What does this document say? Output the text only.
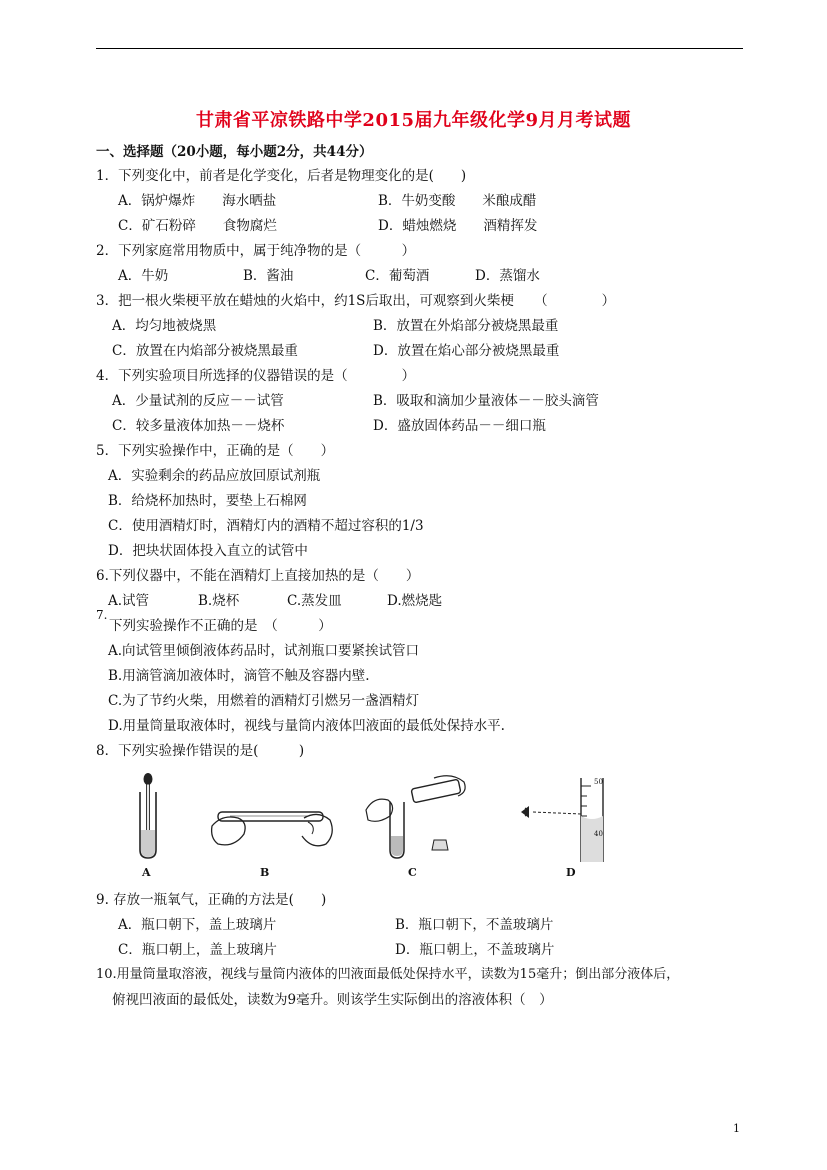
甘肃省平凉铁路中学2015届九年级化学9月月考试题
一、选择题（20小题，每小题2分，共44分）
1．下列变化中，前者是化学变化，后者是物理变化的是(　　)
A．锅炉爆炸　　海水晒盐	B．牛奶变酸　　米酿成醋
C．矿石粉碎　　食物腐烂	D．蜡烛燃烧　　酒精挥发
2．下列家庭常用物质中，属于纯净物的是（　　　）
A．牛奶	B．酱油	C．葡萄酒	D．蒸馏水
3．把一根火柴梗平放在蜡烛的火焰中，约1S后取出，可观察到火柴梗　　（　　　　）
A．均匀地被烧黑	B．放置在外焰部分被烧黑最重
C．放置在内焰部分被烧黑最重	D．放置在焰心部分被烧黑最重
4．下列实验项目所选择的仪器错误的是（　　　　）
A．少量试剂的反应－－试管	B．吸取和滴加少量液体－－胶头滴管
C．较多量液体加热－－烧杯	D．盛放固体药品－－细口瓶
5．下列实验操作中，正确的是（　　）
A．实验剩余的药品应放回原试剂瓶
B．给烧杯加热时，要垫上石棉网
C．使用酒精灯时，酒精灯内的酒精不超过容积的1/3
D．把块状固体投入直立的试管中
6.下列仪器中，不能在酒精灯上直接加热的是（　　）
A.试管	B.烧杯	C.蒸发皿	D.燃烧匙
7.
下列实验操作不正确的是　（　　　）
A.向试管里倾倒液体药品时，试剂瓶口要紧挨试管口
B.用滴管滴加液体时，滴管不触及容器内壁.
C.为了节约火柴，用燃着的酒精灯引燃另一盏酒精灯
D.用量筒量取液体时，视线与量筒内液体凹液面的最低处保持水平.
8．下列实验操作错误的是(　　　)
50
40
A	B	C	D
9. 存放一瓶氧气，正确的方法是(　　)
A．瓶口朝下，盖上玻璃片	B．瓶口朝下，不盖玻璃片
C．瓶口朝上，盖上玻璃片	D．瓶口朝上，不盖玻璃片
10.用量筒量取溶液，视线与量筒内液体的凹液面最低处保持水平，读数为15毫升；倒出部分液体后，
俯视凹液面的最低处，读数为9毫升。则该学生实际倒出的溶液体积（　）
1
